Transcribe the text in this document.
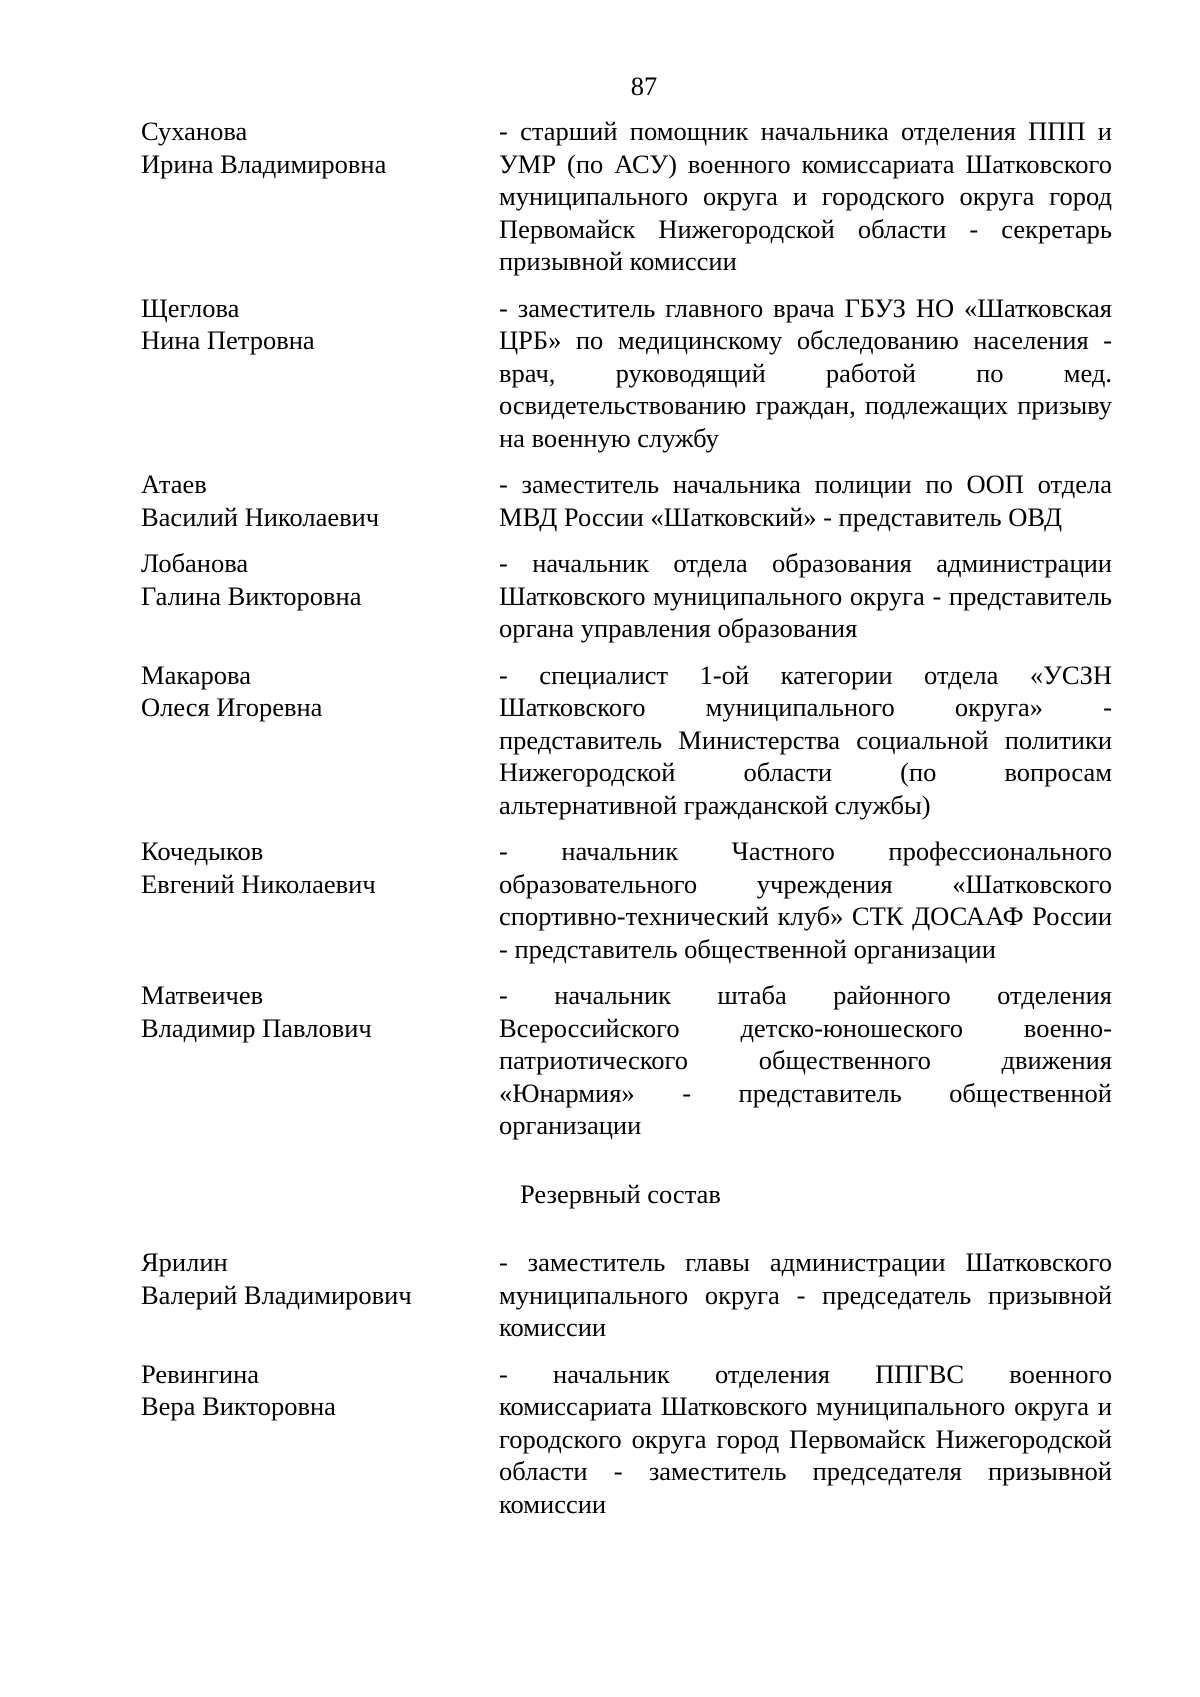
87
Суханова
Ирина Владимировна
- старший помощник начальника отделения ППП и УМР (по АСУ) военного комиссариата Шатковского муниципального округа и городского округа город Первомайск Нижегородской области - секретарь призывной комиссии
Щеглова
Нина Петровна
- заместитель главного врача ГБУЗ НО «Шатковская ЦРБ» по медицинскому обследованию населения - врач, руководящий работой по мед. освидетельствованию граждан, подлежащих призыву на военную службу
Атаев
Василий Николаевич
- заместитель начальника полиции по ООП отдела МВД России «Шатковский» - представитель ОВД
Лобанова
Галина Викторовна
- начальник отдела образования администрации Шатковского муниципального округа - представитель органа управления образования
Макарова
Олеся Игоревна
- специалист 1-ой категории отдела «УСЗН Шатковского муниципального округа» - представитель Министерства социальной политики Нижегородской области (по вопросам альтернативной гражданской службы)
Кочедыков
Евгений Николаевич
- начальник Частного профессионального образовательного учреждения «Шатковского спортивно-технический клуб» СТК ДОСААФ России - представитель общественной организации
Матвеичев
Владимир Павлович
- начальник штаба районного отделения Всероссийского детско-юношеского военно-патриотического общественного движения «Юнармия» - представитель общественной организации
Резервный состав
Ярилин
Валерий Владимирович
- заместитель главы администрации Шатковского муниципального округа - председатель призывной комиссии
Ревингина
Вера Викторовна
- начальник отделения ППГВС военного комиссариата Шатковского муниципального округа и городского округа город Первомайск Нижегородской области - заместитель председателя призывной комиссии
